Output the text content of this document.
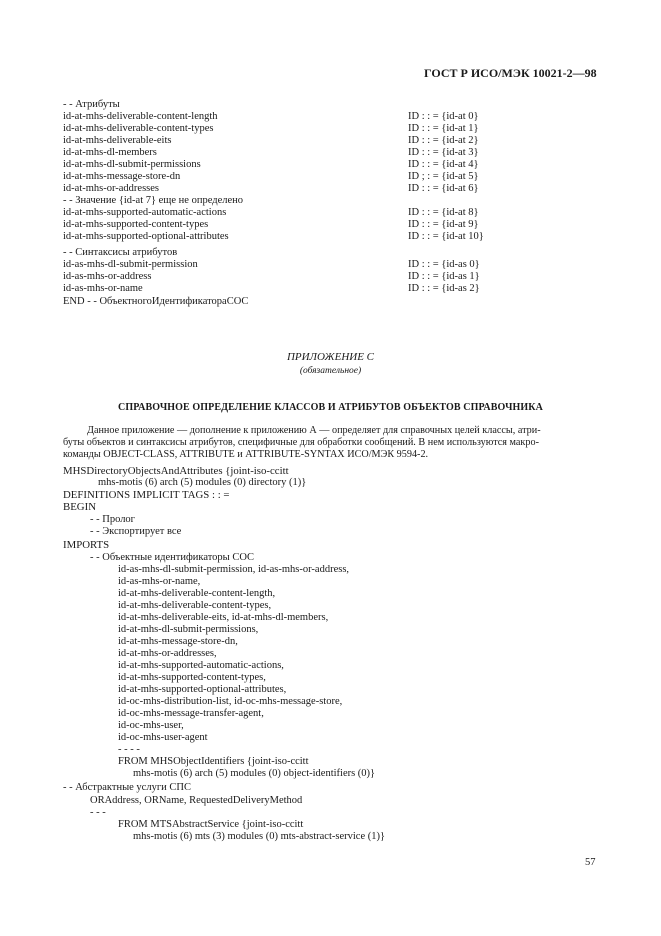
ГОСТ Р ИСО/МЭК 10021-2—98
- - Атрибуты
id-at-mhs-deliverable-content-length	ID : : = {id-at 0}
id-at-mhs-deliverable-content-types	ID : : = {id-at 1}
id-at-mhs-deliverable-eits	ID : : = {id-at 2}
id-at-mhs-dl-members	ID : : = {id-at 3}
id-at-mhs-dl-submit-permissions	ID : : = {id-at 4}
id-at-mhs-message-store-dn	ID ; : = {id-at 5}
id-at-mhs-or-addresses	ID : : = {id-at 6}
- - Значение {id-at 7} еще не определено
id-at-mhs-supported-automatic-actions	ID : : = {id-at 8}
id-at-mhs-supported-content-types	ID : : = {id-at 9}
id-at-mhs-supported-optional-attributes	ID : : = {id-at 10}
- - Синтаксисы атрибутов
id-as-mhs-dl-submit-permission	ID : : = {id-as 0}
id-as-mhs-or-address	ID : : = {id-as 1}
id-as-mhs-or-name	ID : : = {id-as 2}
END - - ОбъектногоИдентификатораСОС
ПРИЛОЖЕНИЕ С
(обязательное)
СПРАВОЧНОЕ ОПРЕДЕЛЕНИЕ КЛАССОВ И АТРИБУТОВ ОБЪЕКТОВ СПРАВОЧНИКА
Данное приложение — дополнение к приложению А — определяет для справочных целей классы, атри-
буты объектов и синтаксисы атрибутов, специфичные для обработки сообщений. В нем используются макро-
команды OBJECT-CLASS, ATTRIBUTE и ATTRIBUTE-SYNTAX ИСО/МЭК 9594-2.
MHSDirectoryObjectsAndAttributes {joint-iso-ccitt
mhs-motis (6) arch (5) modules (0) directory (1)}
DEFINITIONS IMPLICIT TAGS : : =
BEGIN
- - Пролог
- - Экспортирует все
IMPORTS
- - Объектные идентификаторы СОС
id-as-mhs-dl-submit-permission, id-as-mhs-or-address,
id-as-mhs-or-name,
id-at-mhs-deliverable-content-length,
id-at-mhs-deliverable-content-types,
id-at-mhs-deliverable-eits, id-at-mhs-dl-members,
id-at-mhs-dl-submit-permissions,
id-at-mhs-message-store-dn,
id-at-mhs-or-addresses,
id-at-mhs-supported-automatic-actions,
id-at-mhs-supported-content-types,
id-at-mhs-supported-optional-attributes,
id-oc-mhs-distribution-list, id-oc-mhs-message-store,
id-oc-mhs-message-transfer-agent,
id-oc-mhs-user,
id-oc-mhs-user-agent
- - - -
FROM MHSObjectIdentifiers {joint-iso-ccitt
mhs-motis (6) arch (5) modules (0) object-identifiers (0)}
- - Абстрактные услуги СПС
ORAddress, ORName, RequestedDeliveryMethod
- - -
FROM MTSAbstractService {joint-iso-ccitt
mhs-motis (6) mts (3) modules (0) mts-abstract-service (1)}
57
